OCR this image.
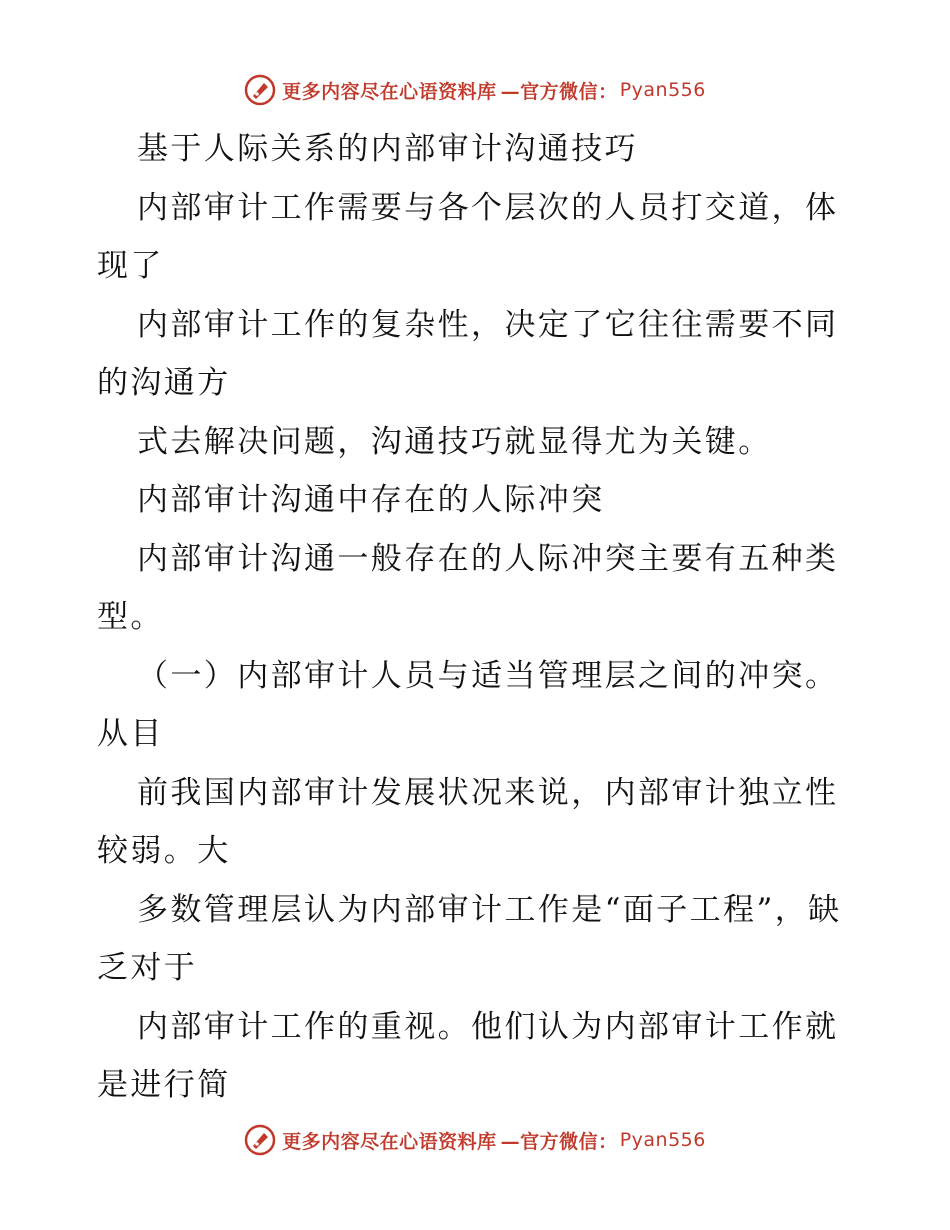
更多内容尽在心语资料库 —官方微信： Pyan556

基于人际关系的内部审计沟通技巧

内部审计工作需要与各个层次的人员打交道，体现了

内部审计工作的复杂性，决定了它往往需要不同的沟通方

式去解决问题，沟通技巧就显得尤为关键。

内部审计沟通中存在的人际冲突

内部审计沟通一般存在的人际冲突主要有五种类型。

（一）内部审计人员与适当管理层之间的冲突。从目

前我国内部审计发展状况来说，内部审计独立性较弱。大

多数管理层认为内部审计工作是“面子工程”，缺乏对于

内部审计工作的重视。他们认为内部审计工作就是进行简

更多内容尽在心语资料库 —官方微信： Pyan556
